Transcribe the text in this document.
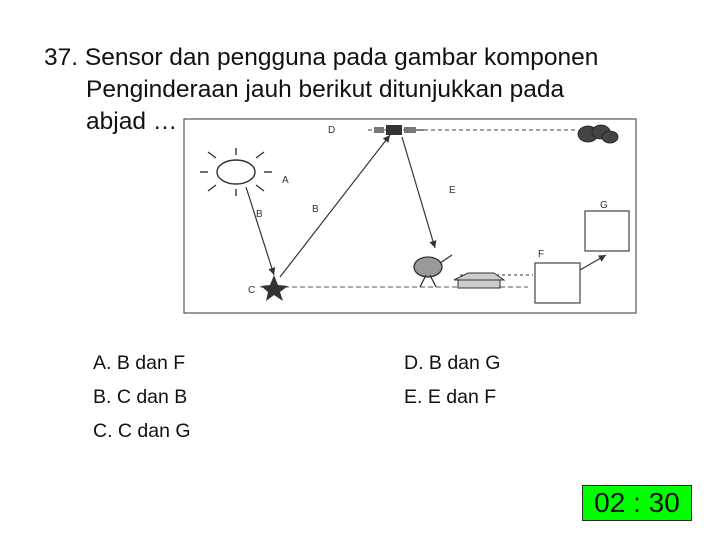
37. Sensor dan pengguna pada gambar komponen
Penginderaan jauh berikut ditunjukkan pada
abjad …
A
B	B
C
D
E
F
G
A. B dan F
B. C dan B
C. C dan G
D. B dan G
E. E dan F
02 : 30
